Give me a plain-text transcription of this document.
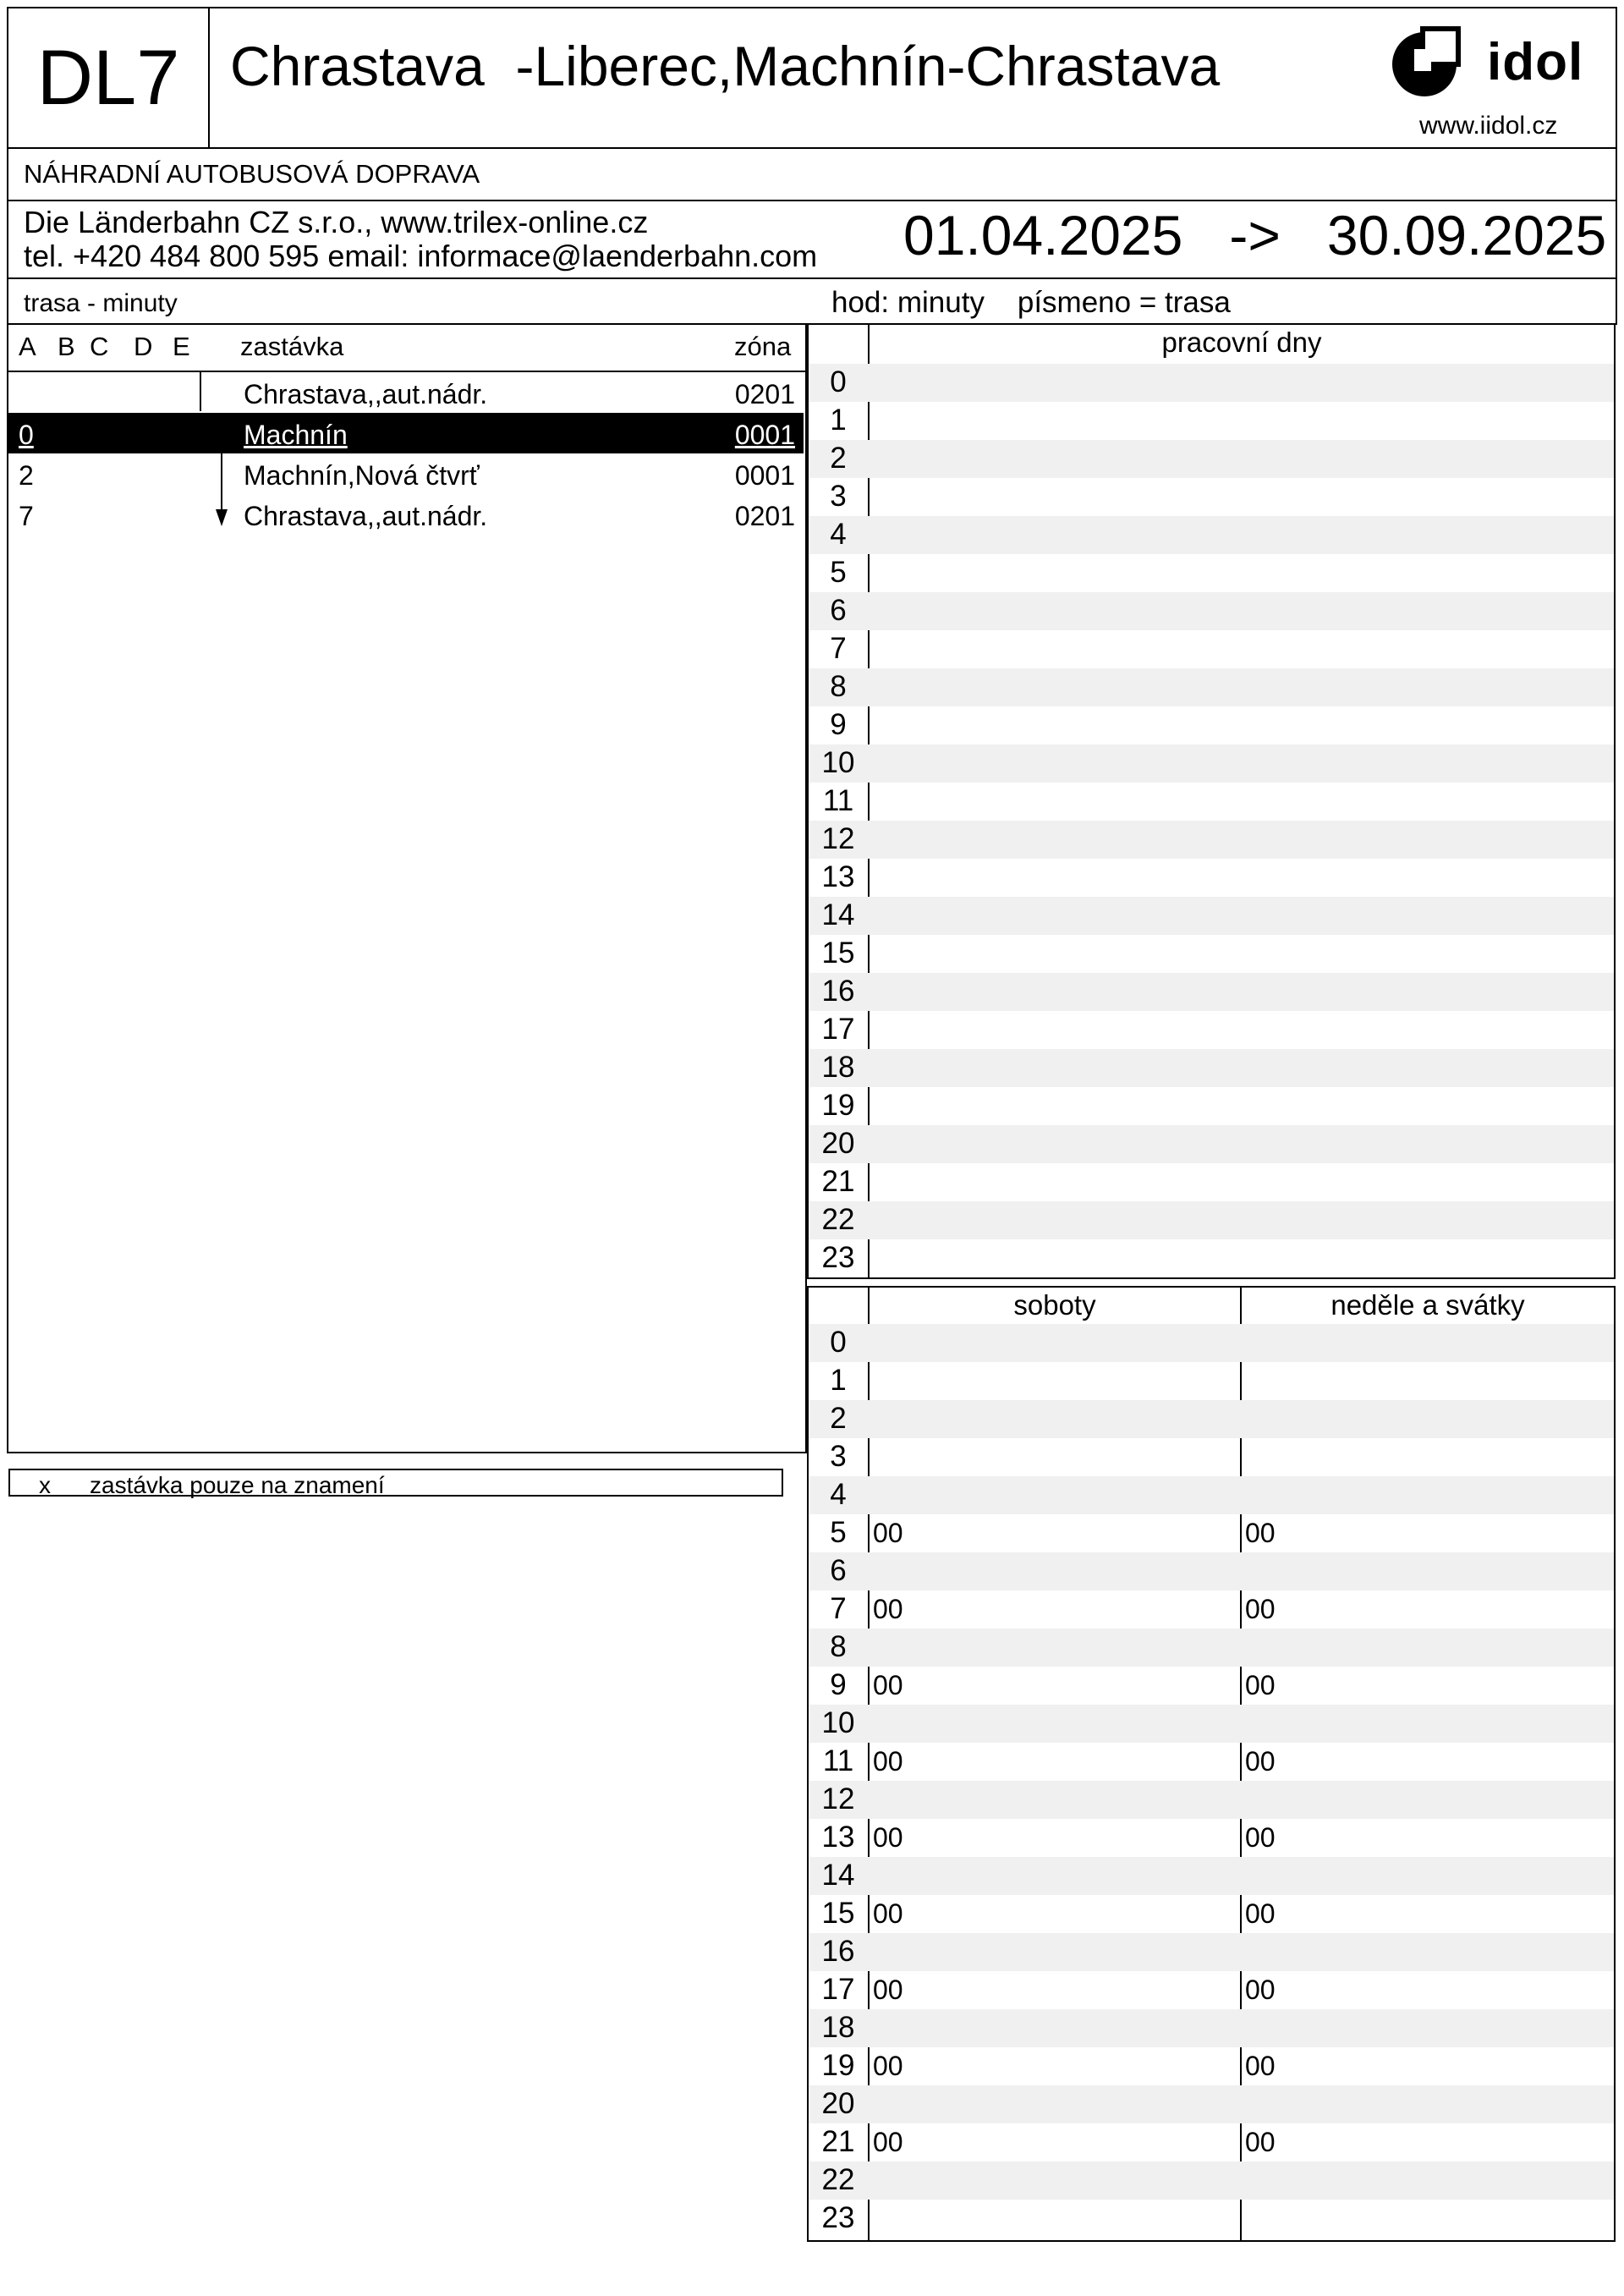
DL7 Chrastava  -Liberec,Machnín-Chrastava	idol
www.iidol.cz
NÁHRADNÍ AUTOBUSOVÁ DOPRAVA
Die Länderbahn CZ s.r.o., www.trilex-online.cz
tel. +420 484 800 595 email: informace@laenderbahn.com 01.04.2025 -> 30.09.2025
trasa - minuty	hod: minuty písmeno = trasa
A B C D E zastávka	zóna
Chrastava,,aut.nádr.	0201
0	Machnín	0001
2	Machnín,Nová čtvrť	0001
7	Chrastava,,aut.nádr.	0201
x zastávka pouze na znamení
pracovní dny
0
1
2
3
4
5
6
7
8
9
10
11
12
13
14
15
16
17
18
19
20
21
22
23
soboty	neděle a svátky
0
1
2
3
4
5 00	00
6
7 00	00
8
9 00	00
10
11 00	00
12
13 00	00
14
15 00	00
16
17 00	00
18
19 00	00
20
21 00	00
22
23
